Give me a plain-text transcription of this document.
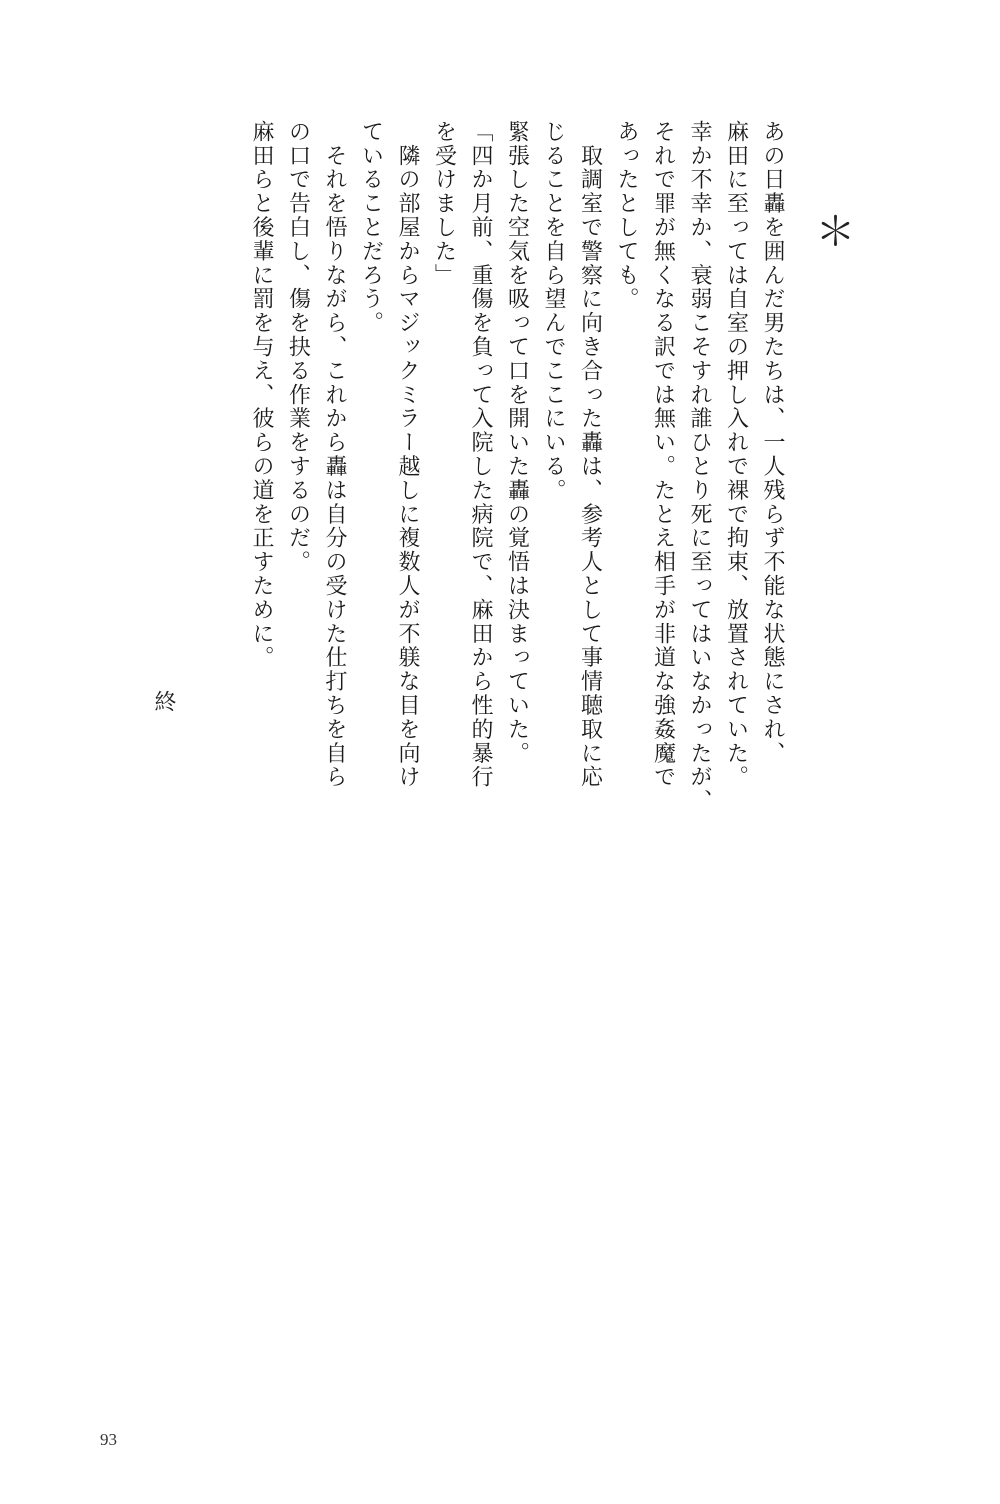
＊
あの日轟を囲んだ男たちは、一人残らず不能な状態にされ、
麻田に至っては自室の押し入れで裸で拘束、放置されていた。
幸か不幸か、衰弱こそすれ誰ひとり死に至ってはいなかったが、
それで罪が無くなる訳では無い。たとえ相手が非道な強姦魔で
あったとしても。
　取調室で警察に向き合った轟は、参考人として事情聴取に応
じることを自ら望んでここにいる。
緊張した空気を吸って口を開いた轟の覚悟は決まっていた。
「四か月前、重傷を負って入院した病院で、麻田から性的暴行
を受けました」
　隣の部屋からマジックミラー越しに複数人が不躾な目を向け
ていることだろう。
　それを悟りながら、これから轟は自分の受けた仕打ちを自ら
の口で告白し、傷を抉る作業をするのだ。
麻田らと後輩に罰を与え、彼らの道を正すために。
終
93
